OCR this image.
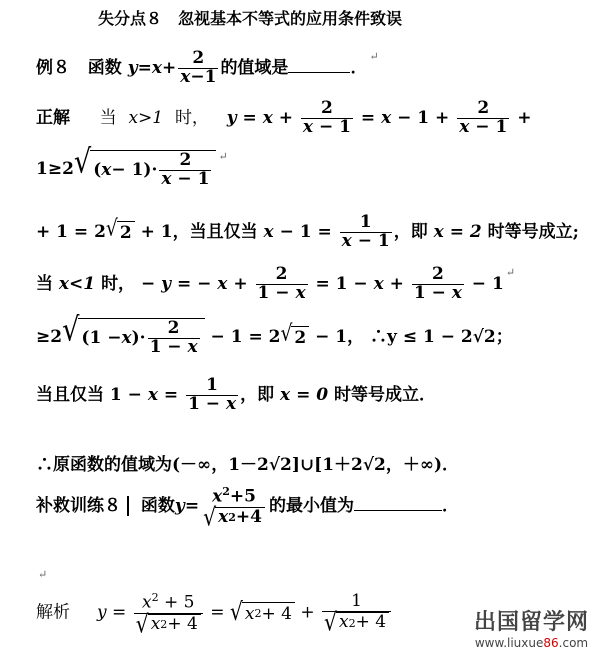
失分点８　忽视基本不等式的应用条件致误
例８ 函数 $y=x+ \frac{2}{x-1}$ 的值域是	．↵
正解 当 x>1 时， $y = x + \frac{2}{x - 1} = x - 1 + \frac{2}{x - 1}$ +
1≥2 √ ( $x - 1)\cdot \frac{2}{x - 1} ^↵$
+ 1 = 2 √ 2 + 1，当且仅当 $x - 1 = \frac{1}{x - 1}$ ，即 x = 2 时等号成立;
当 x<1 时， − y = − $x + \frac{2}{1 - x} = 1 - x + \frac{2}{1 - x} - 1^↵$
≥2 √ (1 − x )· $\frac{2}{1 - x} - 1 = 2$ √ 2 − 1， ∴y ≤ 1 − 2√2；
当且仅当 $1 - x = \frac{1}{1 - x}$ ，即 x = 0 时等号成立．
∴原函数的值域为(－∞，1－2√2]∪[1＋2√2，＋∞)．
补救训练８ 函数$y= x^2+5$
√ x 2 +4
的最小值为	．
↵
解析 $y = \frac{x^2 + 5}{√ x 2 + 4}$ = √ x $2 + 4 + \frac{1}{√ x 2 + 4}$	出国留学网
www.liuxue86.com
